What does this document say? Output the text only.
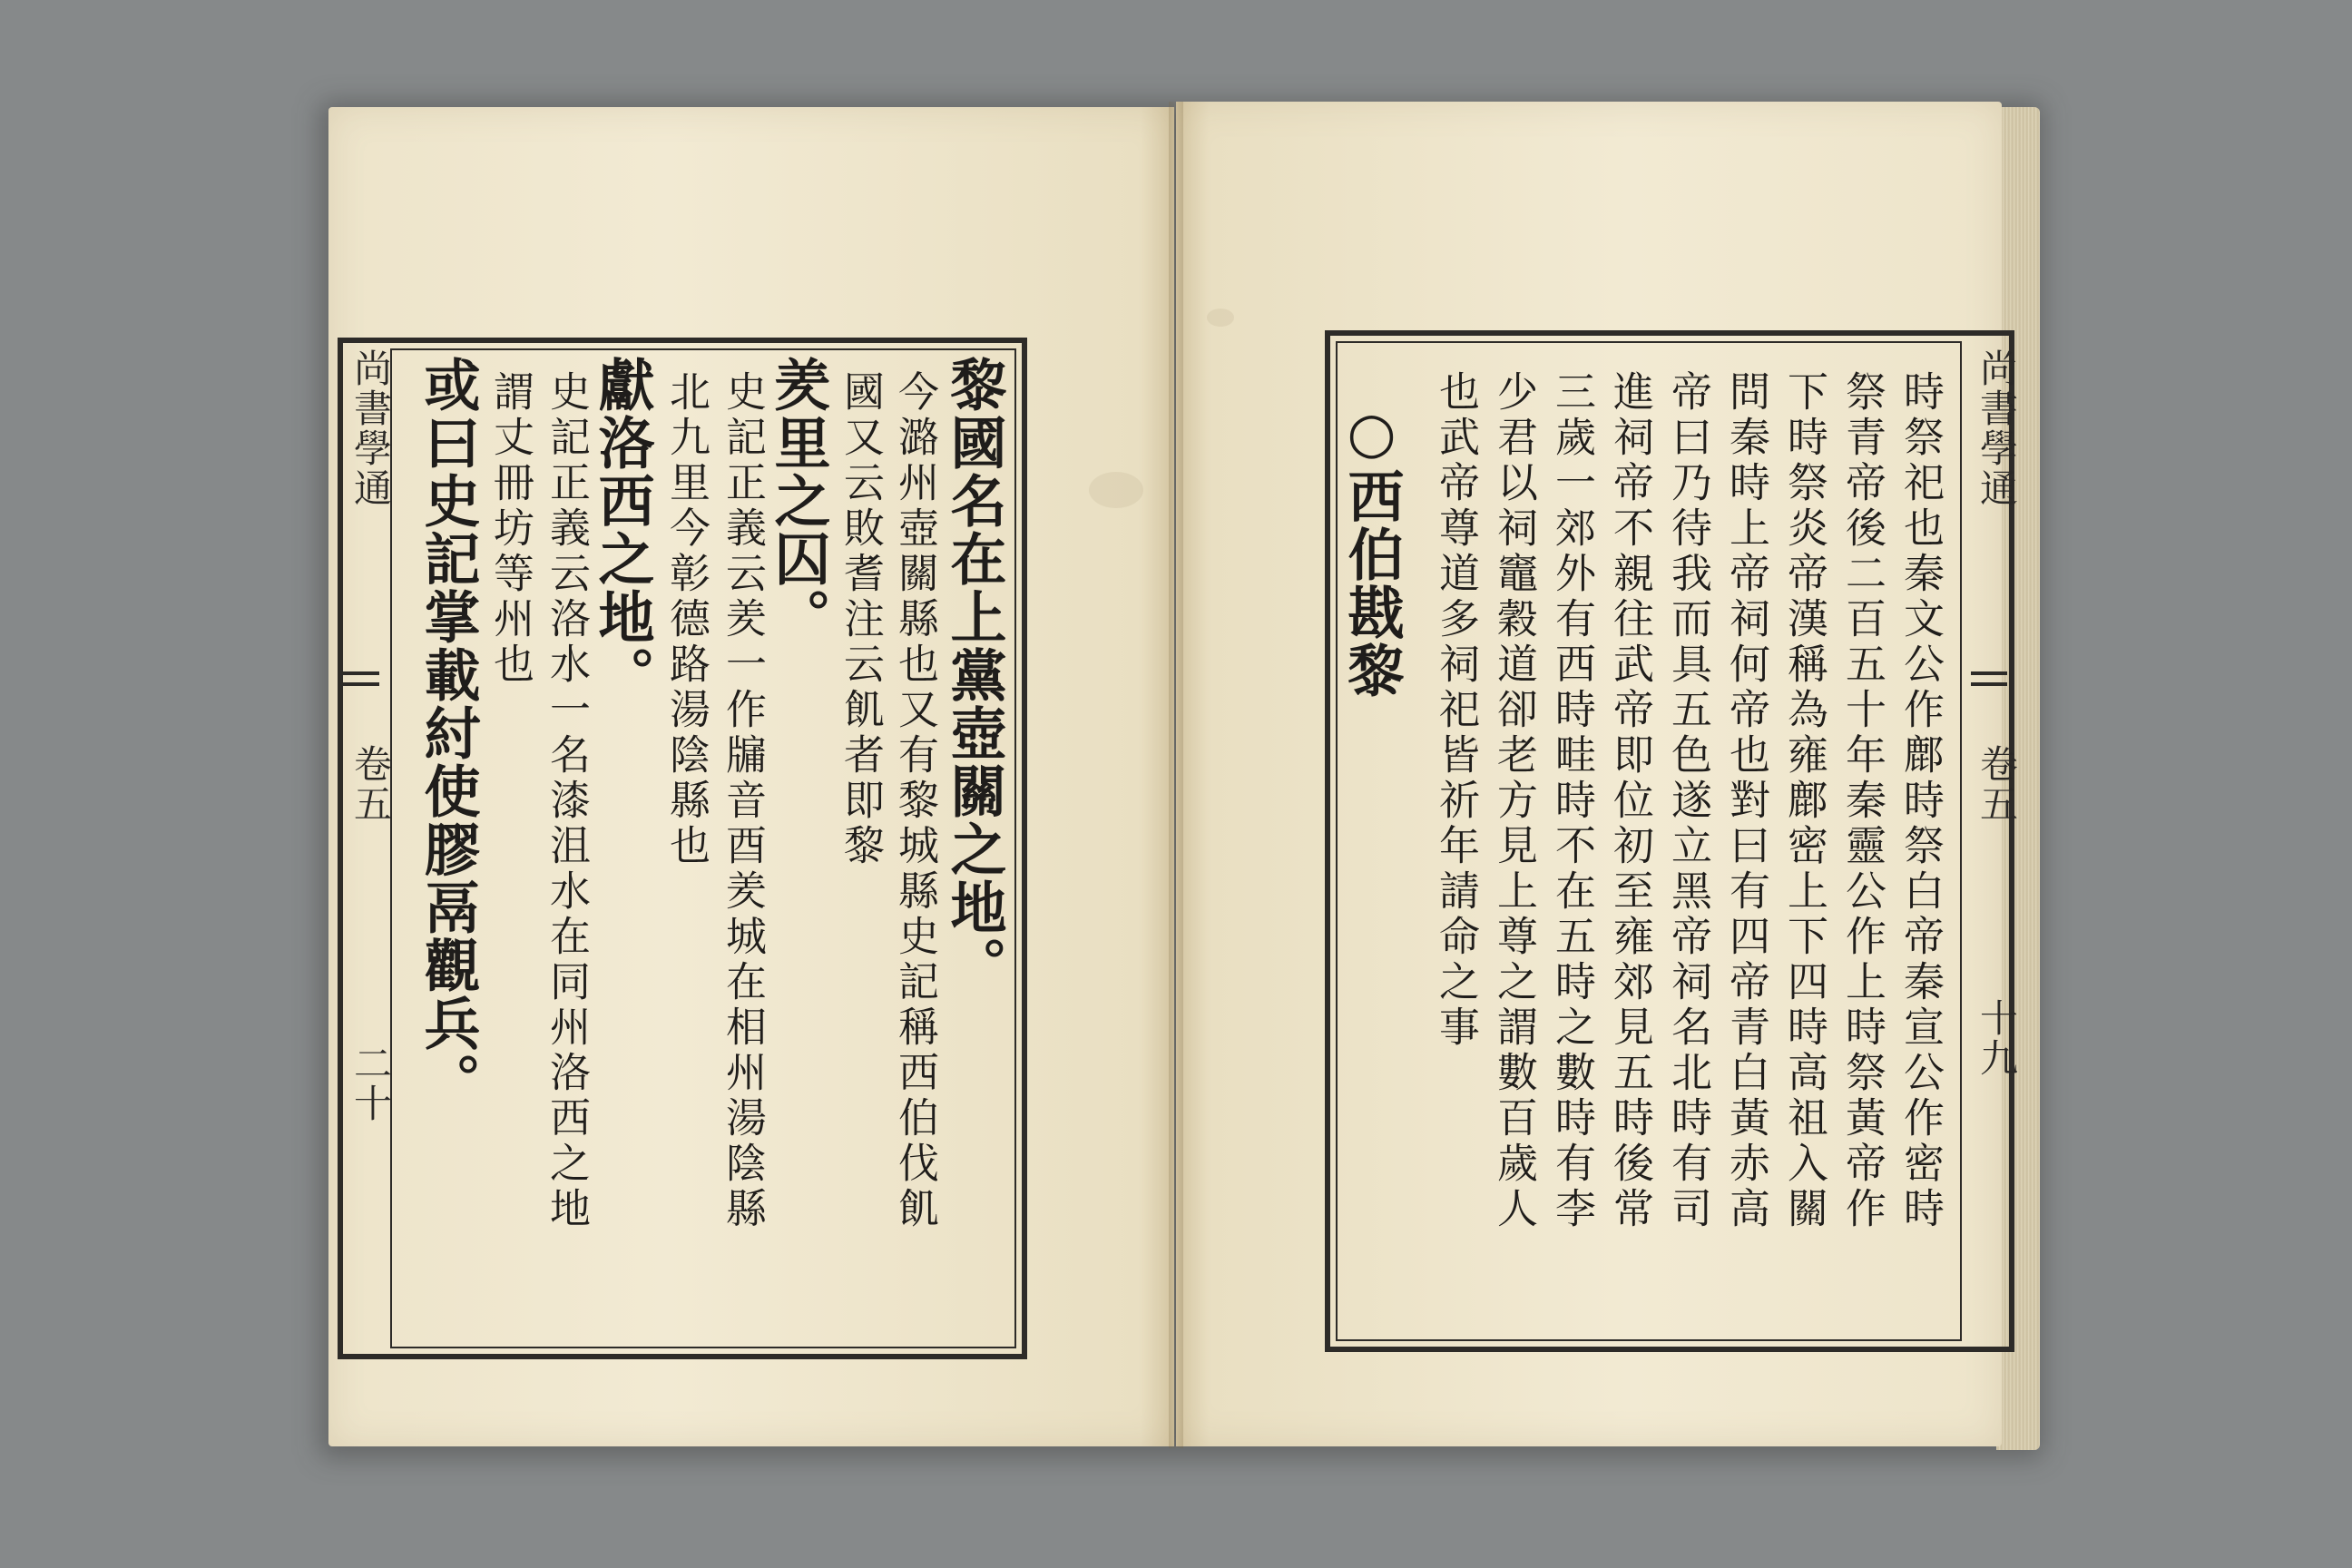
尚書學通
卷五
二十
黎國名在上黨壺關之地。
今潞州壺關縣也又有黎城縣史記稱西伯伐飢
國又云敗耆注云飢者即黎
羑里之囚。
史記正義云羑一作牖音酉羑城在相州湯陰縣
北九里今彰德路湯陰縣也
獻洛西之地。
史記正義云洛水一名漆沮水在同州洛西之地
謂丈冊坊等州也
或曰史記掌載紂使膠鬲觀兵。	尚書學通
卷五
十九
時祭祀也秦文公作鄜時祭白帝秦宣公作密時
祭青帝後二百五十年秦靈公作上時祭黃帝作
下時祭炎帝漢稱為雍鄜密上下四時高祖入關
問秦時上帝祠何帝也對曰有四帝青白黃赤高
帝曰乃待我而具五色遂立黑帝祠名北時有司
進祠帝不親往武帝即位初至雍郊見五時後常
三歲一郊外有西時畦時不在五時之數時有李
少君以祠竈穀道卻老方見上尊之謂數百歲人
也武帝尊道多祠祀皆祈年請命之事
○西伯戡黎
